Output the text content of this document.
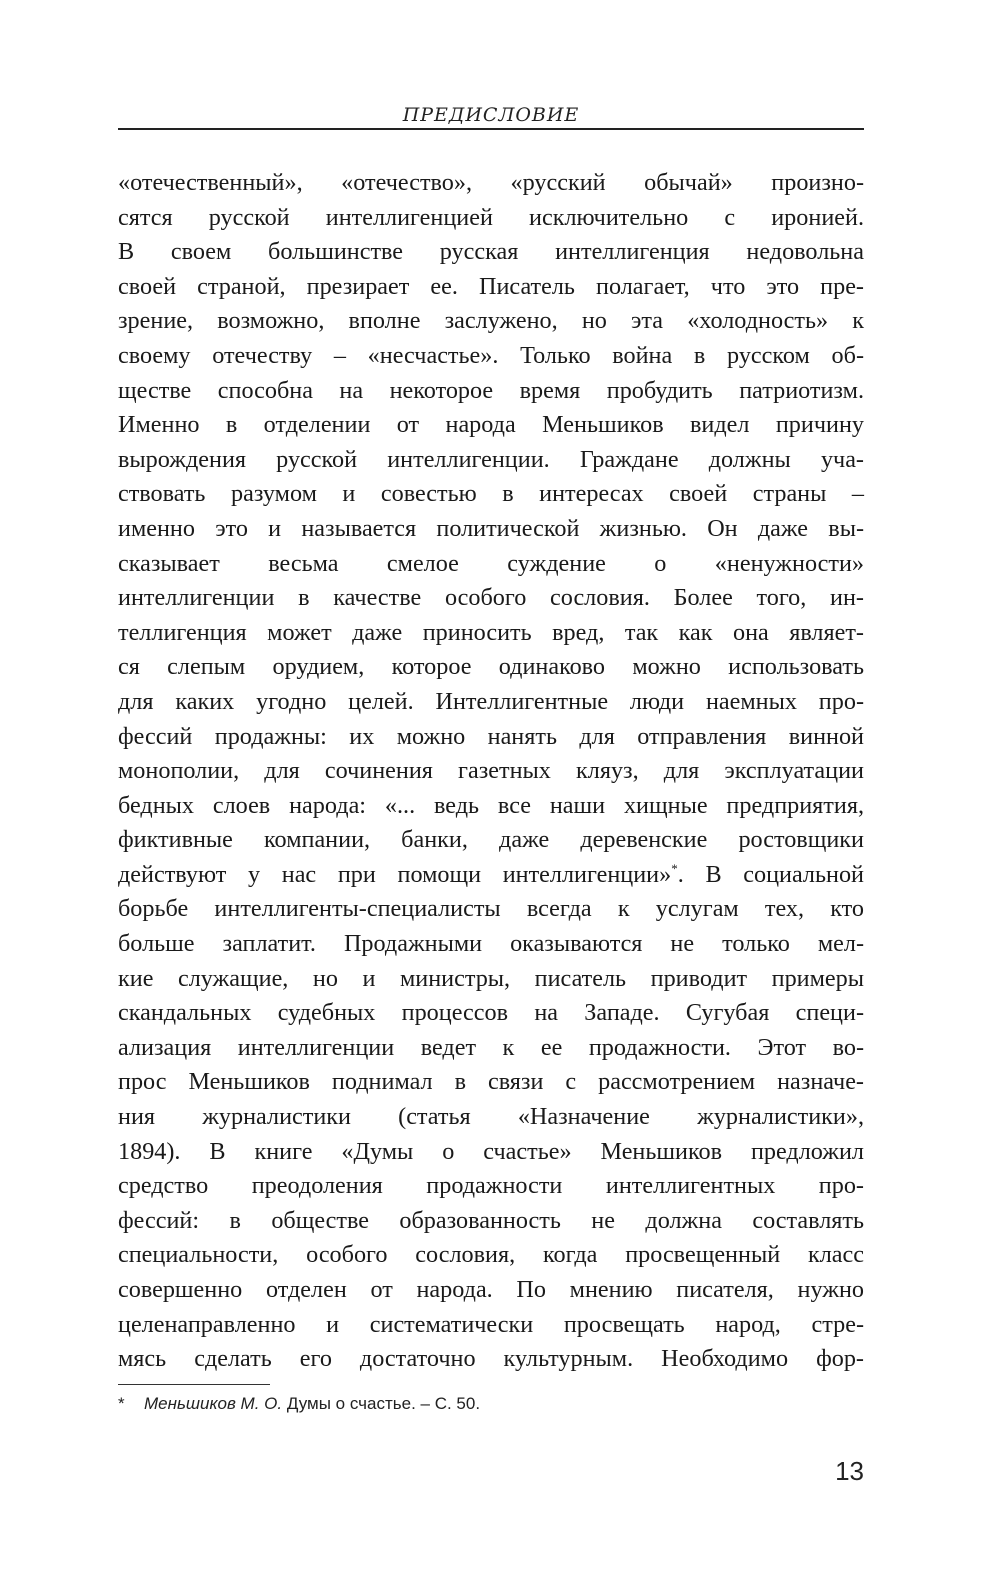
ПРЕДИСЛОВИЕ
«отечественный», «отечество», «русский обычай» произно-
сятся русской интеллигенцией исключительно с иронией.
В своем большинстве русская интеллигенция недовольна
своей страной, презирает ее. Писатель полагает, что это пре-
зрение, возможно, вполне заслужено, но эта «холодность» к
своему отечеству – «несчастье». Только война в русском об-
ществе способна на некоторое время пробудить патриотизм.
Именно в отделении от народа Меньшиков видел причину
вырождения русской интеллигенции. Граждане должны уча-
ствовать разумом и совестью в интересах своей страны –
именно это и называется политической жизнью. Он даже вы-
сказывает весьма смелое суждение о «ненужности»
интеллигенции в качестве особого сословия. Более того, ин-
теллигенция может даже приносить вред, так как она являет-
ся слепым орудием, которое одинаково можно использовать
для каких угодно целей. Интеллигентные люди наемных про-
фессий продажны: их можно нанять для отправления винной
монополии, для сочинения газетных кляуз, для эксплуатации
бедных слоев народа: «... ведь все наши хищные предприятия,
фиктивные компании, банки, даже деревенские ростовщики
действуют у нас при помощи интеллигенции»*. В социальной
борьбе интеллигенты-специалисты всегда к услугам тех, кто
больше заплатит. Продажными оказываются не только мел-
кие служащие, но и министры, писатель приводит примеры
скандальных судебных процессов на Западе. Сугубая специ-
ализация интеллигенции ведет к ее продажности. Этот во-
прос Меньшиков поднимал в связи с рассмотрением назначе-
ния журналистики (статья «Назначение журналистики»,
1894). В книге «Думы о счастье» Меньшиков предложил
средство преодоления продажности интеллигентных про-
фессий: в обществе образованность не должна составлять
специальности, особого сословия, когда просвещенный класс
совершенно отделен от народа. По мнению писателя, нужно
целенаправленно и систематически просвещать народ, стре-
мясь сделать его достаточно культурным. Необходимо фор-
* Меньшиков М. О. Думы о счастье. – С. 50.
13
